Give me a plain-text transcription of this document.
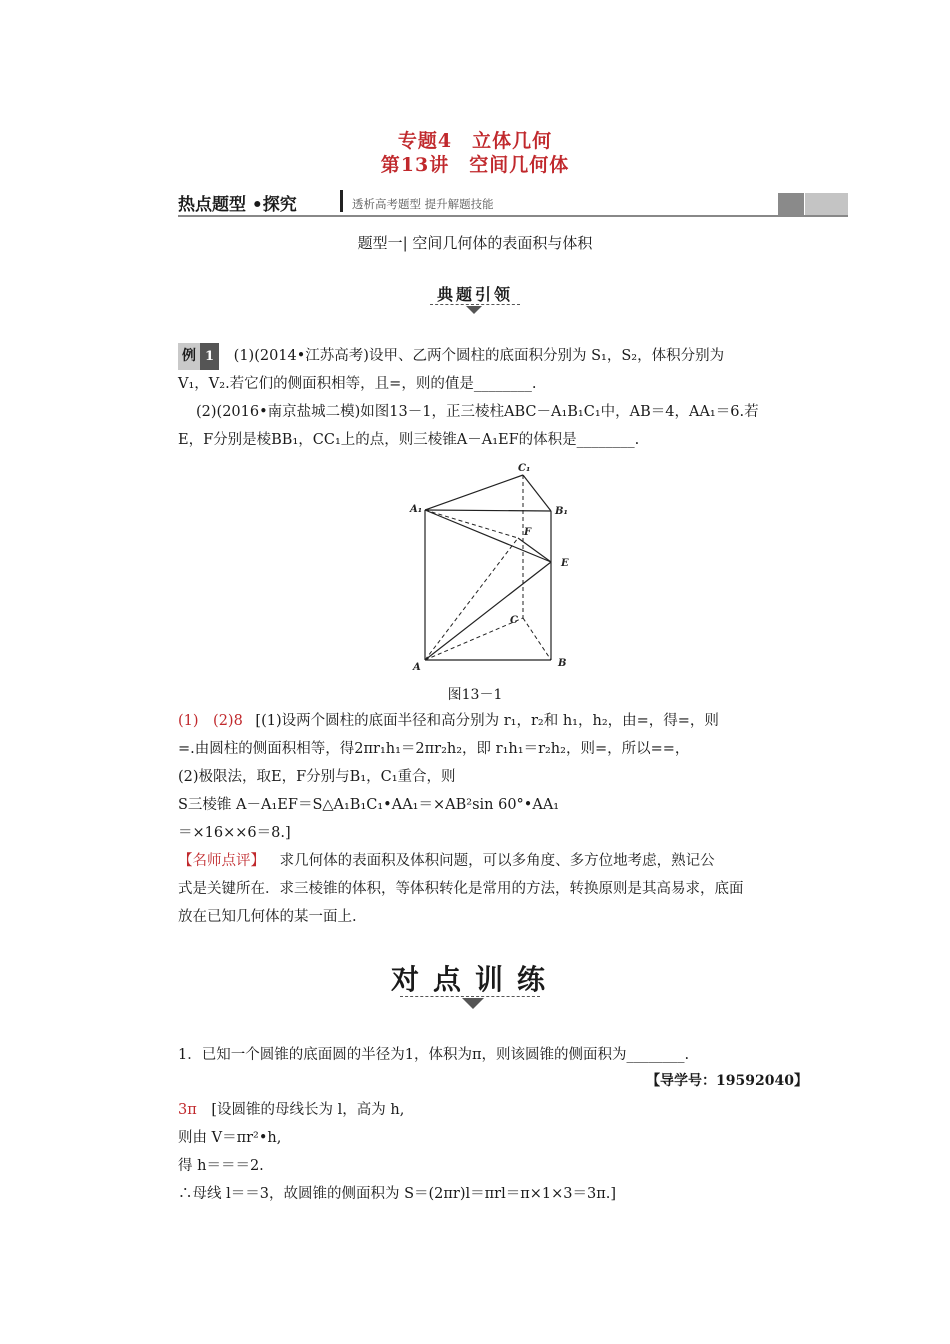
专题4　立体几何
第13讲　空间几何体
热点题型 •探究	透析高考题型 提升解题技能
题型一| 空间几何体的表面积与体积
典题引领
例 1 (1)(2014•江苏高考)设甲、乙两个圆柱的底面积分别为 S₁，S₂，体积分别为
V₁，V₂.若它们的侧面积相等，且=，则的值是________.
(2)(2016•南京盐城二模)如图13－1，正三棱柱ABC－A₁B₁C₁中，AB＝4，AA₁＝6.若
E，F分别是棱BB₁，CC₁上的点，则三棱锥A－A₁EF的体积是________.
C₁
A₁	B₁
F
E
C
A	B
图13－1
(1)　(2)8 [(1)设两个圆柱的底面半径和高分别为 r₁，r₂和 h₁，h₂，由=，得=，则
=.由圆柱的侧面积相等，得2πr₁h₁＝2πr₂h₂，即 r₁h₁＝r₂h₂，则=，所以==，
(2)极限法，取E，F分别与B₁，C₁重合，则
S三棱锥 A－A₁EF＝S△A₁B₁C₁•AA₁＝×AB²sin 60°•AA₁
＝×16××6＝8.]
【名师点评】 求几何体的表面积及体积问题，可以多角度、多方位地考虑，熟记公
式是关键所在．求三棱锥的体积，等体积转化是常用的方法，转换原则是其高易求，底面
放在已知几何体的某一面上.
对点训练
1．已知一个圆锥的底面圆的半径为1，体积为π，则该圆锥的侧面积为________.
【导学号：19592040】
3π [设圆锥的母线长为 l，高为 h,
则由 V＝πr²•h,
得 h＝＝＝2.
∴母线 l＝＝3，故圆锥的侧面积为 S＝(2πr)l＝πrl＝π×1×3＝3π.]
